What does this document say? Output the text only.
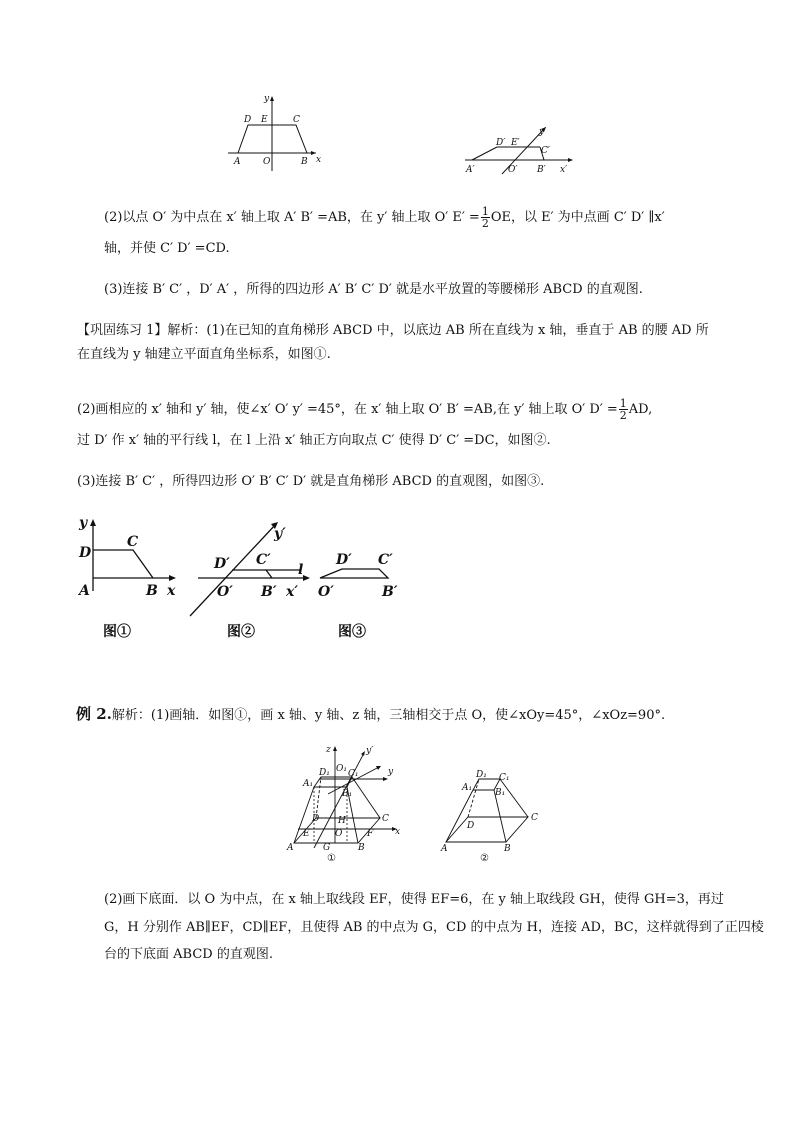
y
x
D E	C
A	O	B
y′
x′
D′ E′
C′
A′	O′ B′
(2)以点 O′ 为中点在 x′ 轴上取 A′ B′ =AB，在 y′ 轴上取 O′ $E' = \frac{1}{2}$ OE，以 E′ 为中点画 C′ D′ ∥x′
轴，并使 C′ D′ =CD.
(3)连接 B′ C′ ，D′ A′ ，所得的四边形 A′ B′ C′ D′ 就是水平放置的等腰梯形 ABCD 的直观图.
【巩固练习 1】解析：(1)在已知的直角梯形 ABCD 中，以底边 AB 所在直线为 x 轴，垂直于 AB 的腰 AD 所
在直线为 y 轴建立平面直角坐标系，如图①.
(2)画相应的 x′ 轴和 y′ 轴，使∠x′ O′ y′ =45°，在 x′ 轴上取 O′ B′ =AB,在 y′ 轴上取 O′ $D' = \frac{1}{2}$ AD,
过 D′ 作 x′ 轴的平行线 l，在 l 上沿 x′ 轴正方向取点 C′ 使得 D′ C′ =DC，如图②.
(3)连接 B′ C′ ，所得四边形 O′ B′ C′ D′ 就是直角梯形 ABCD 的直观图，如图③.
y
x
D
C
A	B
图①
y′
x′
D′ C′
l
O′ B′
图②
D′ C′
O′	B′
图③
例 2.解析：(1)画轴．如图①，画 x 轴、y 轴、z 轴，三轴相交于点 O，使∠xOy=45°，∠xOz=90°.
z	y′
y
x
D₁ O₁ C₁
A₁
B₁
D H	C
E	O	F
A	G	B
①
D₁ C₁
A₁	B₁
D
C
A	B
②
(2)画下底面．以 O 为中点，在 x 轴上取线段 EF，使得 EF=6，在 y 轴上取线段 GH，使得 GH=3，再过
G，H 分别作 AB∥EF，CD∥EF，且使得 AB 的中点为 G，CD 的中点为 H，连接 AD，BC，这样就得到了正四棱
台的下底面 ABCD 的直观图.
